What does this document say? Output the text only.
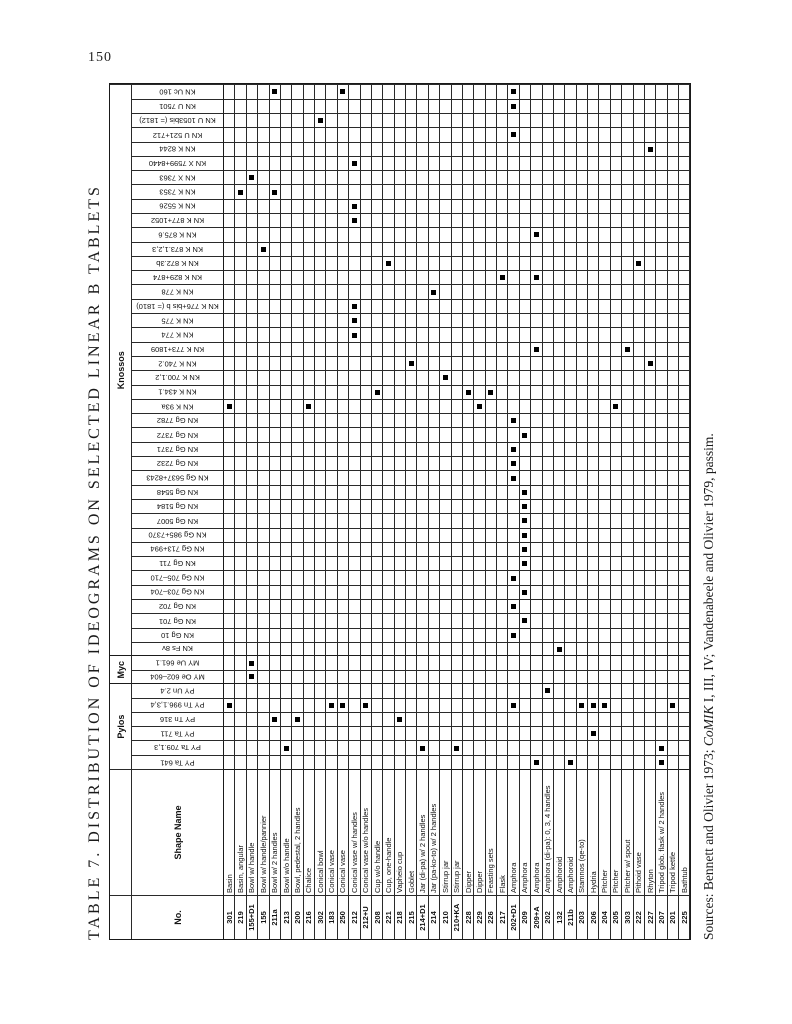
150
TABLE 7. DISTRIBUTION OF IDEOGRAMS ON SELECTED LINEAR B TABLETS Pylos
Myc
Knossos
No.
Shape Name
PY Ta 641
PY Ta 709.1,3
PY Ta 711
PY Tn 316
PY Tn 996.1,3,4
PY Un 2.4
MY Oe 602–604
MY Ue 661.1
KN Fs 8v
KN Gg 10
KN Gg 701
KN Gg 702
KN Gg 703–704
KN Gg 705–710
KN Gg 711
KN Gg 713+994
KN Gg 985+7370
KN Gg 5007
KN Gg 5184
KN Gg 5548
KN Gg 5637+8243
KN Gg 7232
KN Gg 7371
KN Gg 7372
KN Gg 7782
KN K 93a
KN K 434.1
KN K 700.1,2
KN K 740.2
KN K 773+1809
KN K 774
KN K 775
KN K 776+bis b (= 1810)
KN K 778
KN K 829+874
KN K 872.3b
KN K 873.1,2,3
KN K 875.6
KN K 877+1052
KN K 5526
KN K 7353
KN X 7363
KN X 7599+8440
KN K 8244
KN U 521+712
KN U 1053bis (= 1812)
KN U 7501
KN Uc 160
301
Basin
219
Basin, angular
155+D1
Bowl w/ handle
155
Bowl w/ handle/pannier
211a
Bowl w/ 2 handles
213
Bowl w/o handle
200
Bowl, pedestal, 2 handles
216
Chalice
302
Conical bowl
183
Conical vase
250
Conical vase
212
Conical vase w/ handles
212+U
Conical vase w/o handles
208
Cup w/o handle
221
Cup, one-handle
218
Vapheio cup
215
Goblet
214+D1
Jar (di-pa) w/ 2 handles
214
Jar (pa-ko-to) w/ 2 handles
210
Stirrup jar
210+KA
Stirrup jar
228
Dipper
229
Dipper
226
Feasting sets
217
Flask
202+D1
Amphora
209
Amphora
209+A
Amphora
202
Amphora (di-pa): 0, 3, 4 handles
132
Amphoroid
211b
Amphoroid
203
Stamnos (qe-to)
206
Hydria
204
Pitcher
205
Pitcher
303
Pitcher w/ spout
222
Pithoid vase
227
Rhyton
207
Tripod glob. flask w/ 2 handles
201
Tripod kettle
225
Bathtub Sources: Bennett and Olivier 1973; CoMIK I, III, IV; Vandenabeele and Olivier 1979, passim.
